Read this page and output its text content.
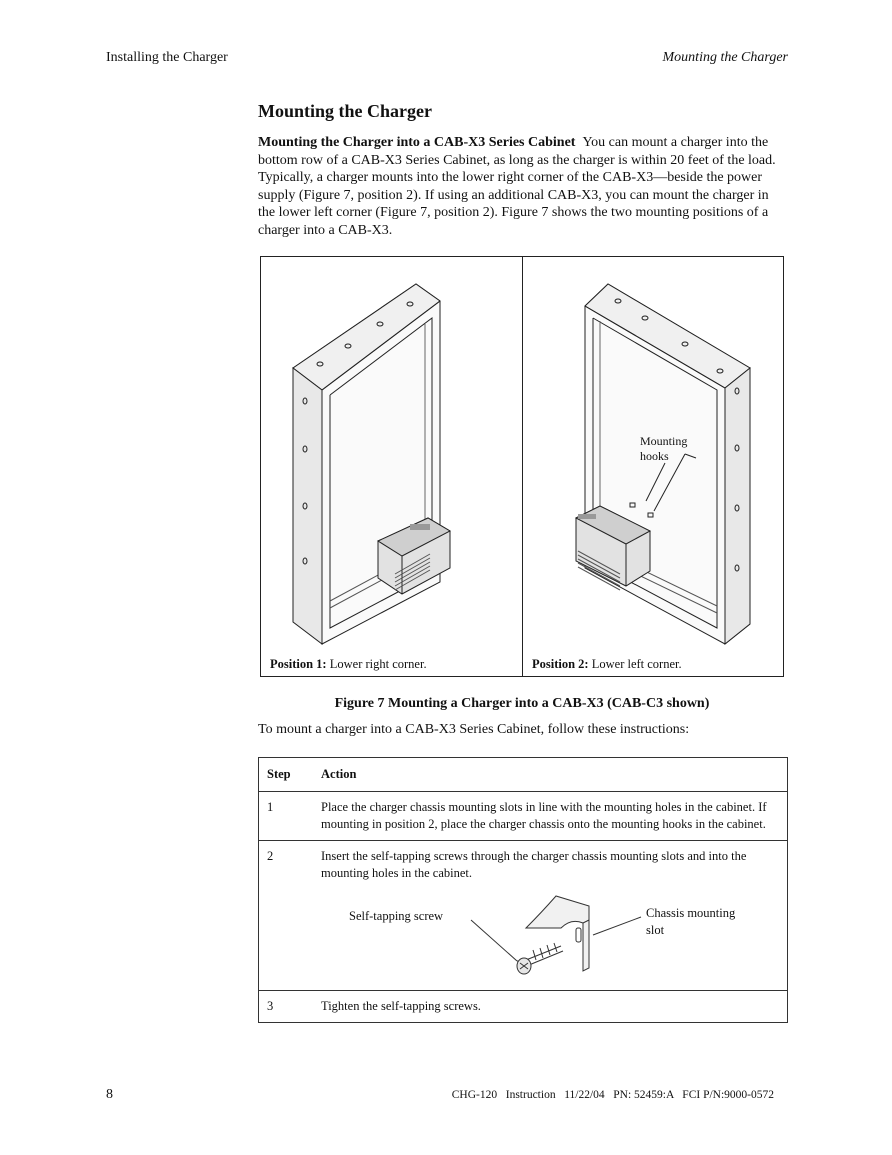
Installing the Charger	Mounting the Charger
Mounting the Charger

Mounting the Charger into a CAB-X3 Series Cabinet You can mount a charger into the bottom row of a CAB-X3 Series Cabinet, as long as the charger is within 20 feet of the load. Typically, a charger mounts into the lower right corner of the CAB-X3—beside the power supply (Figure 7, position 2). If using an additional CAB-X3, you can mount the charger in the lower left corner (Figure 7, position 2). Figure 7 shows the two mounting positions of a charger into a CAB-X3.

Mounting
hooks
Position 1: Lower right corner.	Position 2: Lower left corner.
Figure 7 Mounting a Charger into a CAB-X3 (CAB-C3 shown)
To mount a charger into a CAB-X3 Series Cabinet, follow these instructions:
Step	Action
1	Place the charger chassis mounting slots in line with the mounting holes in the cabinet. If mounting in position 2, place the charger chassis onto the mounting hooks in the cabinet.
2	Insert the self-tapping screws through the charger chassis mounting slots and into the mounting holes in the cabinet.
Self-tapping screw Chassis mounting
slot

3	Tighten the self-tapping screws.
8	CHG-120   Instruction   11/22/04   PN: 52459:A   FCI P/N:9000-0572
